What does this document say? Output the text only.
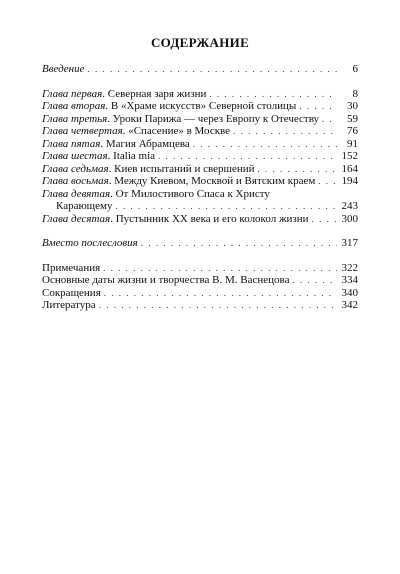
СОДЕРЖАНИЕ
Введение . . .	6
Глава первая. Северная заря жизни . . .	8
Глава вторая. В «Храме искусств» Северной столицы . . .	30
Глава третья. Уроки Парижа — через Европу к Отечеству . . .	59
Глава четвертая. «Спасение» в Москве . . .	76
Глава пятая. Магия Абрамцева . . .	91
Глава шестая. Italia mia . . .	152
Глава седьмая. Киев испытаний и свершений . . .	164
Глава восьмая. Между Киевом, Москвой и Вятским краем . . . 194
Глава девятая. От Милостивого Спаса к Христу
Карающему . . .	243
Глава десятая. Пустынник XX века и его колокол жизни . . .	300
Вместо послесловия . . .	317
Примечания . . .	322
Основные даты жизни и творчества В. М. Васнецова . . .	334
Сокращения . . .	340
Литература . . .	342
